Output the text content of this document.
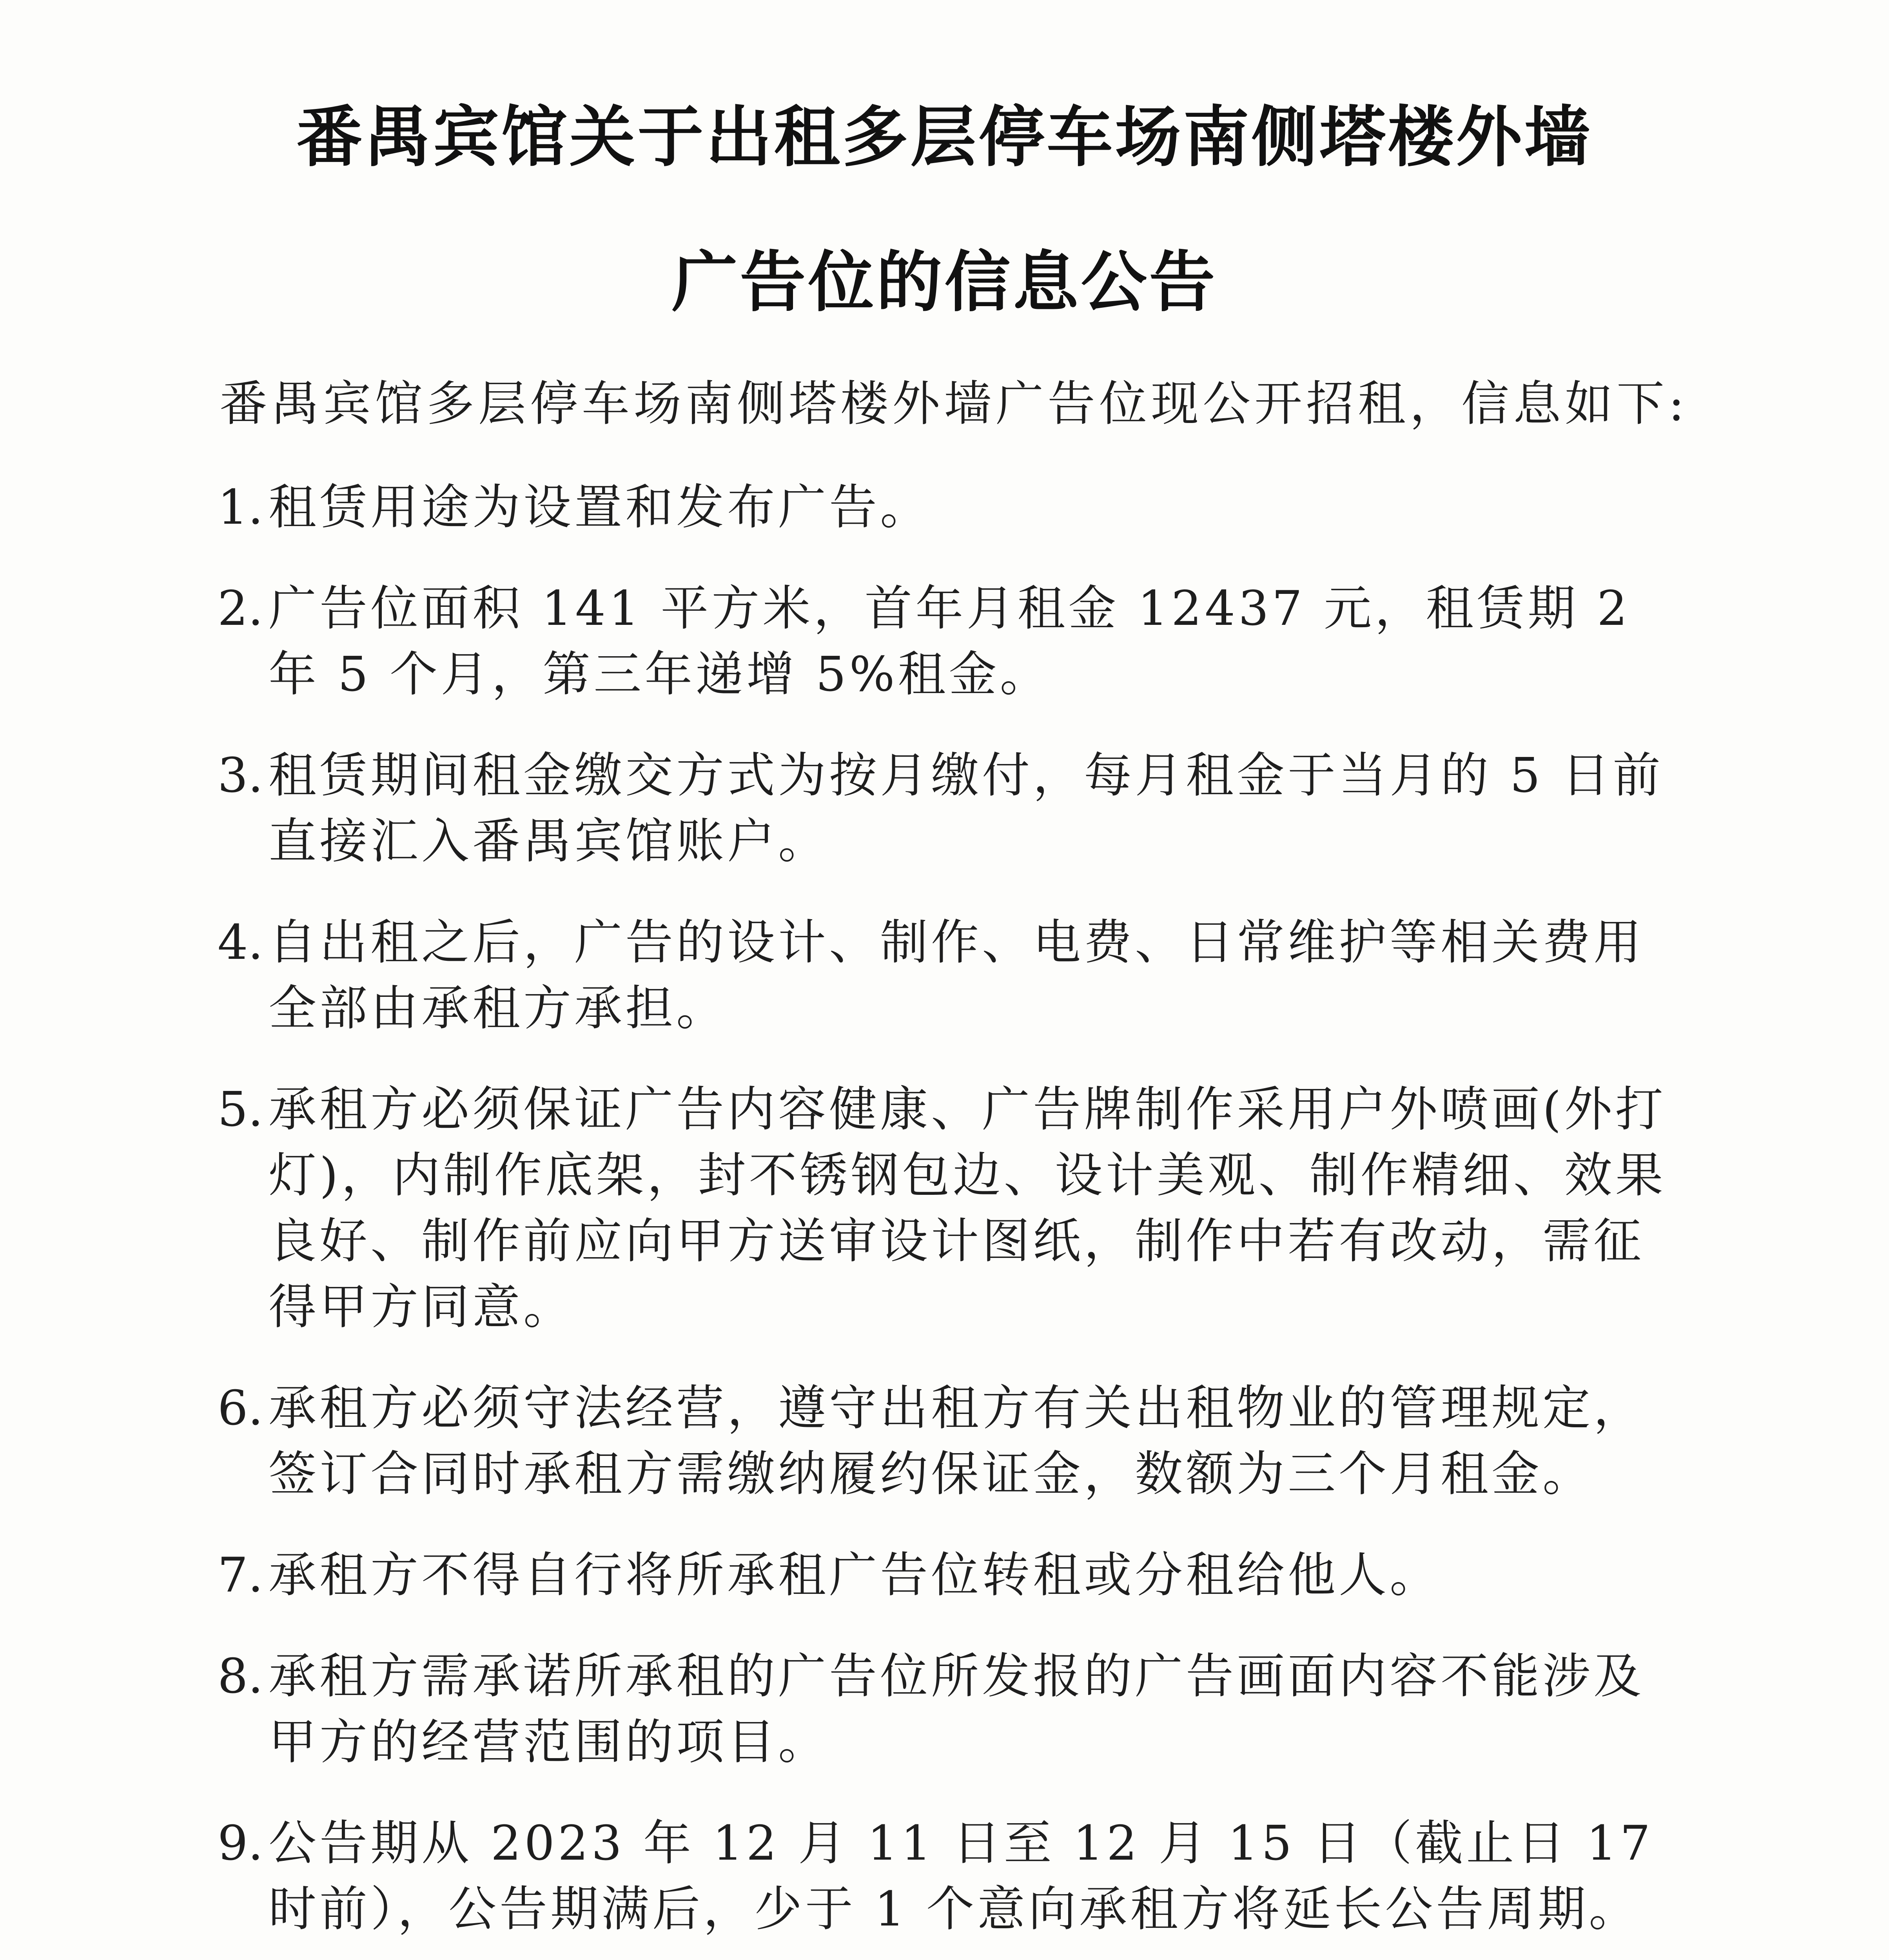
番禺宾馆关于出租多层停车场南侧塔楼外墙
广告位的信息公告
番禺宾馆多层停车场南侧塔楼外墙广告位现公开招租，信息如下:
1. 租赁用途为设置和发布广告。
2. 广告位面积 141 平方米，首年月租金 12437 元，租赁期 2 年 5 个月，第三年递增 5%租金。
3. 租赁期间租金缴交方式为按月缴付，每月租金于当月的 5 日前直接汇入番禺宾馆账户。
4. 自出租之后，广告的设计、制作、电费、日常维护等相关费用全部由承租方承担。
5. 承租方必须保证广告内容健康、广告牌制作采用户外喷画(外打灯)，内制作底架，封不锈钢包边、设计美观、制作精细、效果良好、制作前应向甲方送审设计图纸，制作中若有改动，需征得甲方同意。
6. 承租方必须守法经营，遵守出租方有关出租物业的管理规定，签订合同时承租方需缴纳履约保证金，数额为三个月租金。
7. 承租方不得自行将所承租广告位转租或分租给他人。
8. 承租方需承诺所承租的广告位所发报的广告画面内容不能涉及甲方的经营范围的项目。
9. 公告期从 2023 年 12 月 11 日至 12 月 15 日（截止日 17 时前），公告期满后，少于 1 个意向承租方将延长公告周期。
